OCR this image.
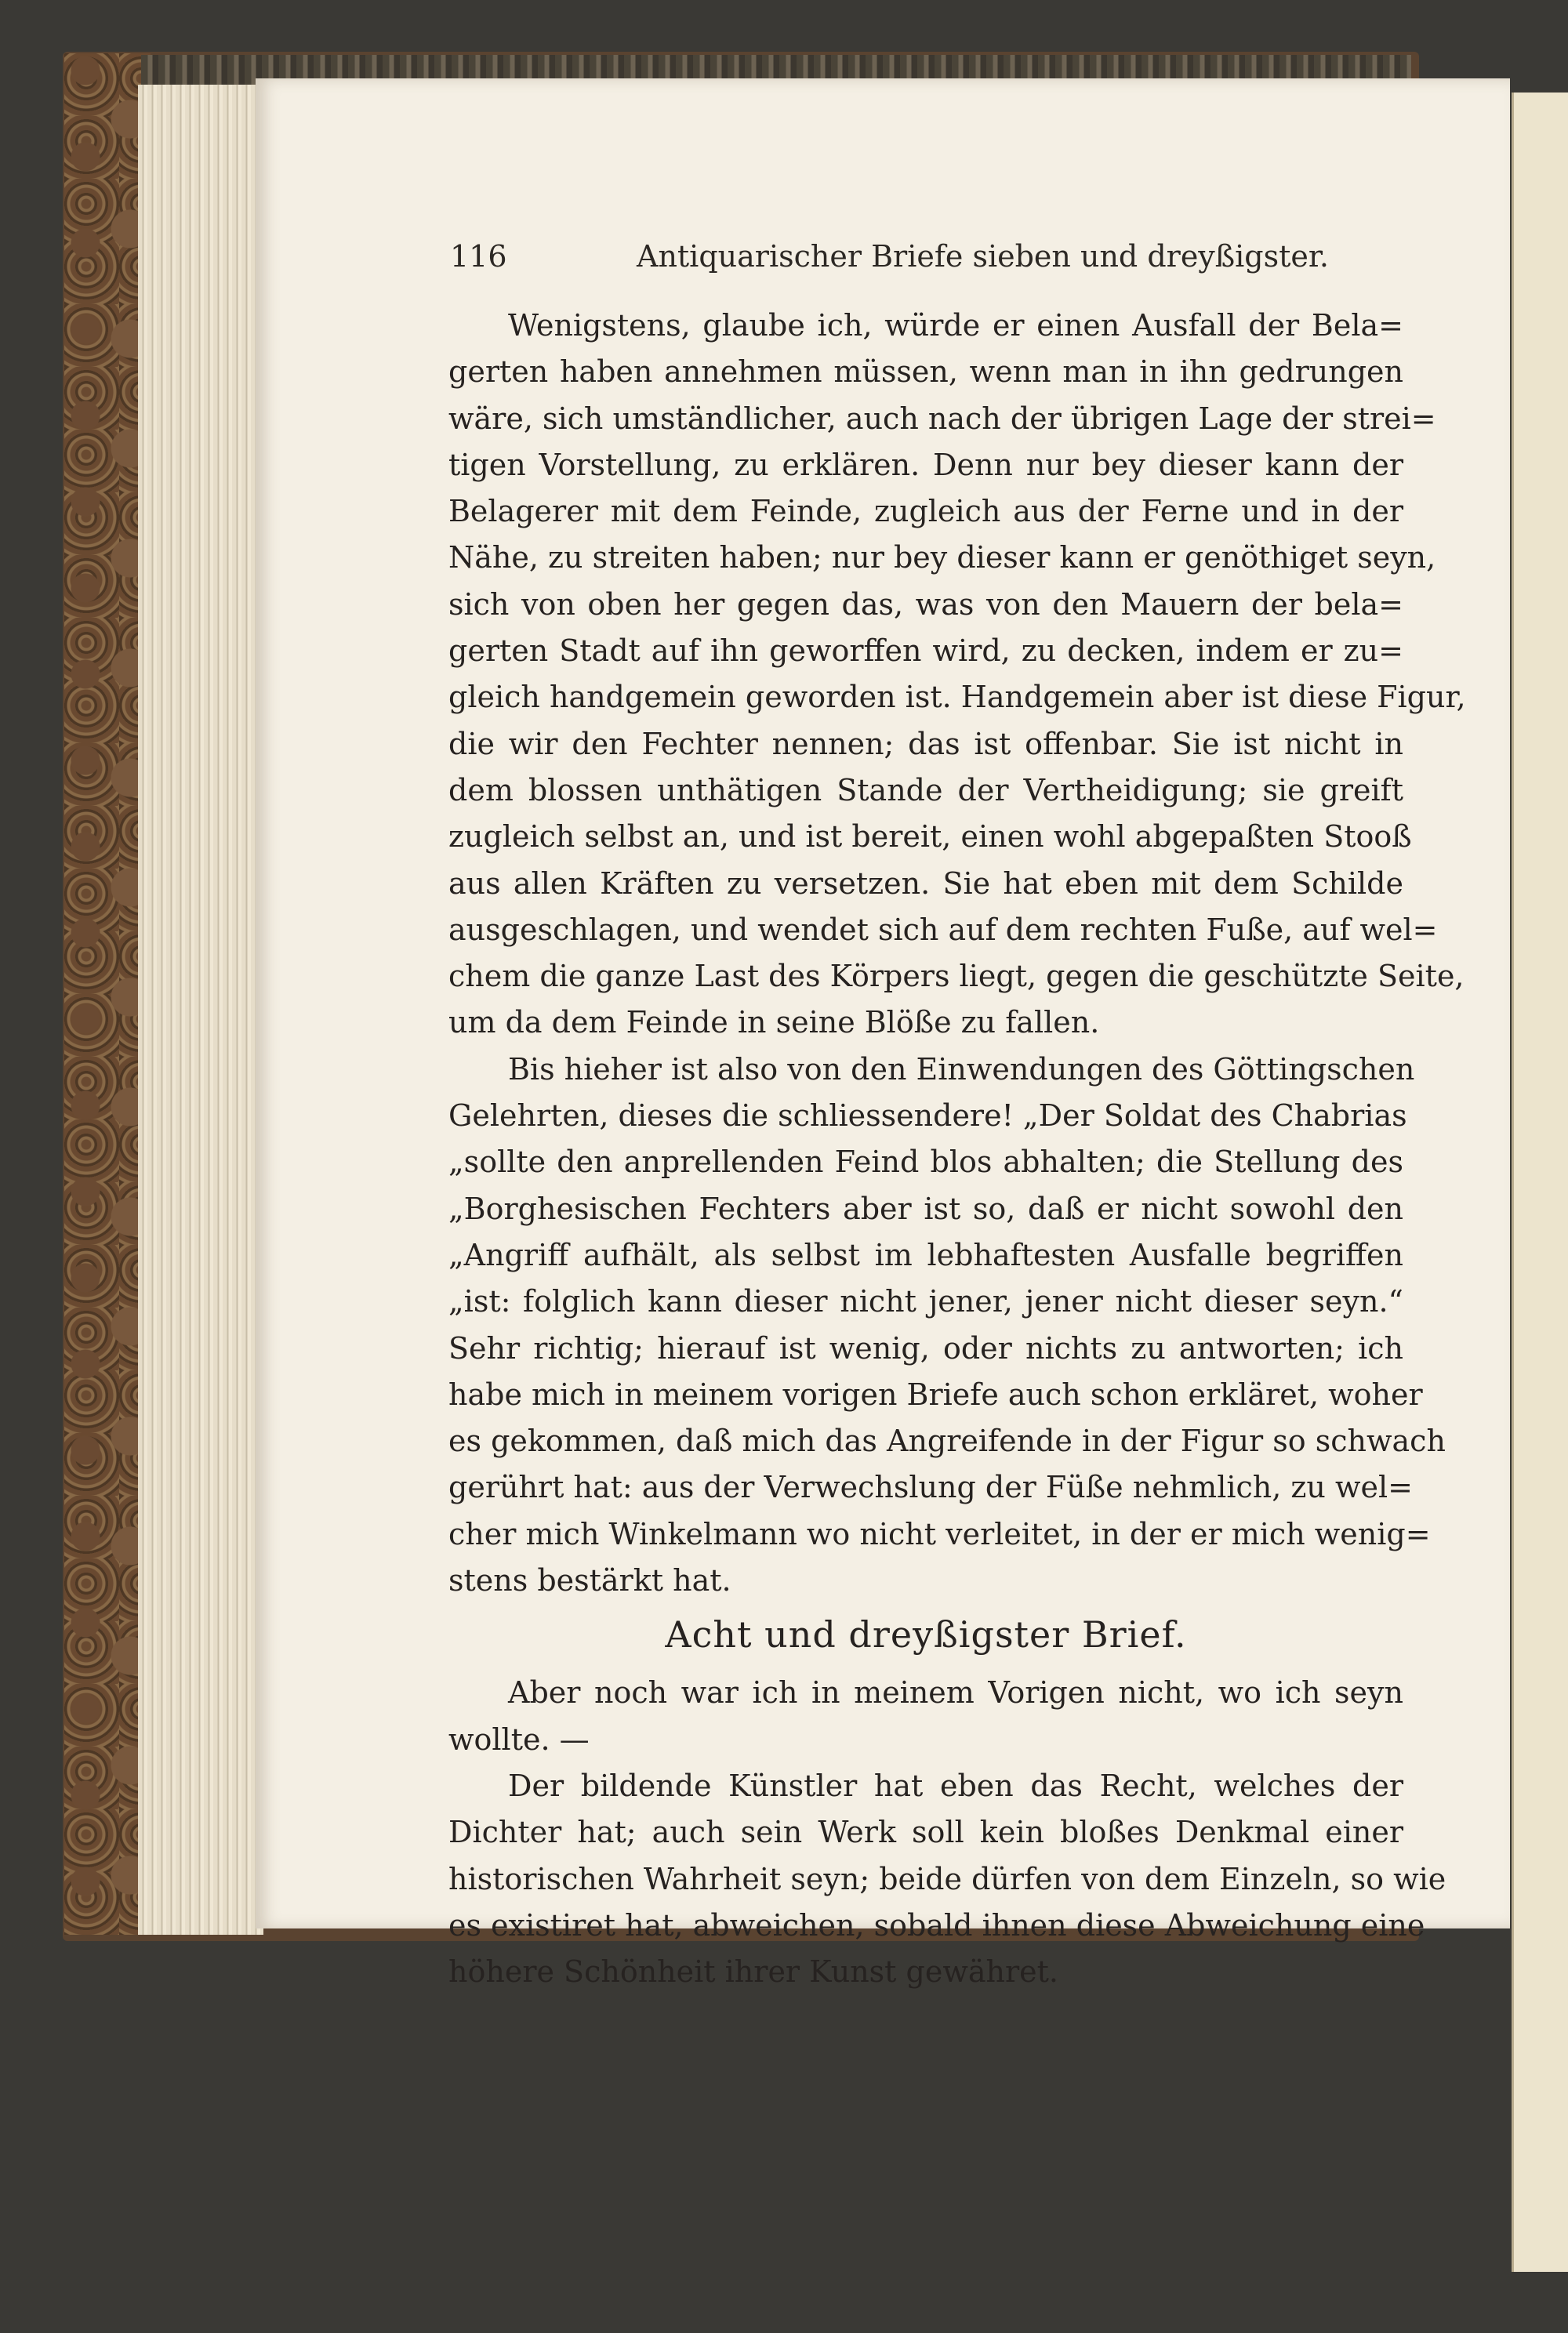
116	Antiquarischer Briefe sieben und dreyßigster.
Wenigstens, glaube ich, würde er einen Ausfall der Bela=
gerten haben annehmen müssen, wenn man in ihn gedrungen
wäre, sich umständlicher, auch nach der übrigen Lage der strei=
tigen Vorstellung, zu erklären. Denn nur bey dieser kann der
Belagerer mit dem Feinde, zugleich aus der Ferne und in der
Nähe, zu streiten haben; nur bey dieser kann er genöthiget seyn,
sich von oben her gegen das, was von den Mauern der bela=
gerten Stadt auf ihn geworffen wird, zu decken, indem er zu=
gleich handgemein geworden ist. Handgemein aber ist diese Figur,
die wir den Fechter nennen; das ist offenbar. Sie ist nicht in
dem blossen unthätigen Stande der Vertheidigung; sie greift
zugleich selbst an, und ist bereit, einen wohl abgepaßten Stooß
aus allen Kräften zu versetzen. Sie hat eben mit dem Schilde
ausgeschlagen, und wendet sich auf dem rechten Fuße, auf wel=
chem die ganze Last des Körpers liegt, gegen die geschützte Seite,
um da dem Feinde in seine Blöße zu fallen.
Bis hieher ist also von den Einwendungen des Göttingschen
Gelehrten, dieses die schliessendere! „Der Soldat des Chabrias
„sollte den anprellenden Feind blos abhalten; die Stellung des
„Borghesischen Fechters aber ist so, daß er nicht sowohl den
„Angriff aufhält, als selbst im lebhaftesten Ausfalle begriffen
„ist: folglich kann dieser nicht jener, jener nicht dieser seyn.“
Sehr richtig; hierauf ist wenig, oder nichts zu antworten; ich
habe mich in meinem vorigen Briefe auch schon erkläret, woher
es gekommen, daß mich das Angreifende in der Figur so schwach
gerührt hat: aus der Verwechslung der Füße nehmlich, zu wel=
cher mich Winkelmann wo nicht verleitet, in der er mich wenig=
stens bestärkt hat.
Acht und dreyßigster Brief.
Aber noch war ich in meinem Vorigen nicht, wo ich seyn
wollte. —
Der bildende Künstler hat eben das Recht, welches der
Dichter hat; auch sein Werk soll kein bloßes Denkmal einer
historischen Wahrheit seyn; beide dürfen von dem Einzeln, so wie
es existiret hat, abweichen, sobald ihnen diese Abweichung eine
höhere Schönheit ihrer Kunst gewähret.
